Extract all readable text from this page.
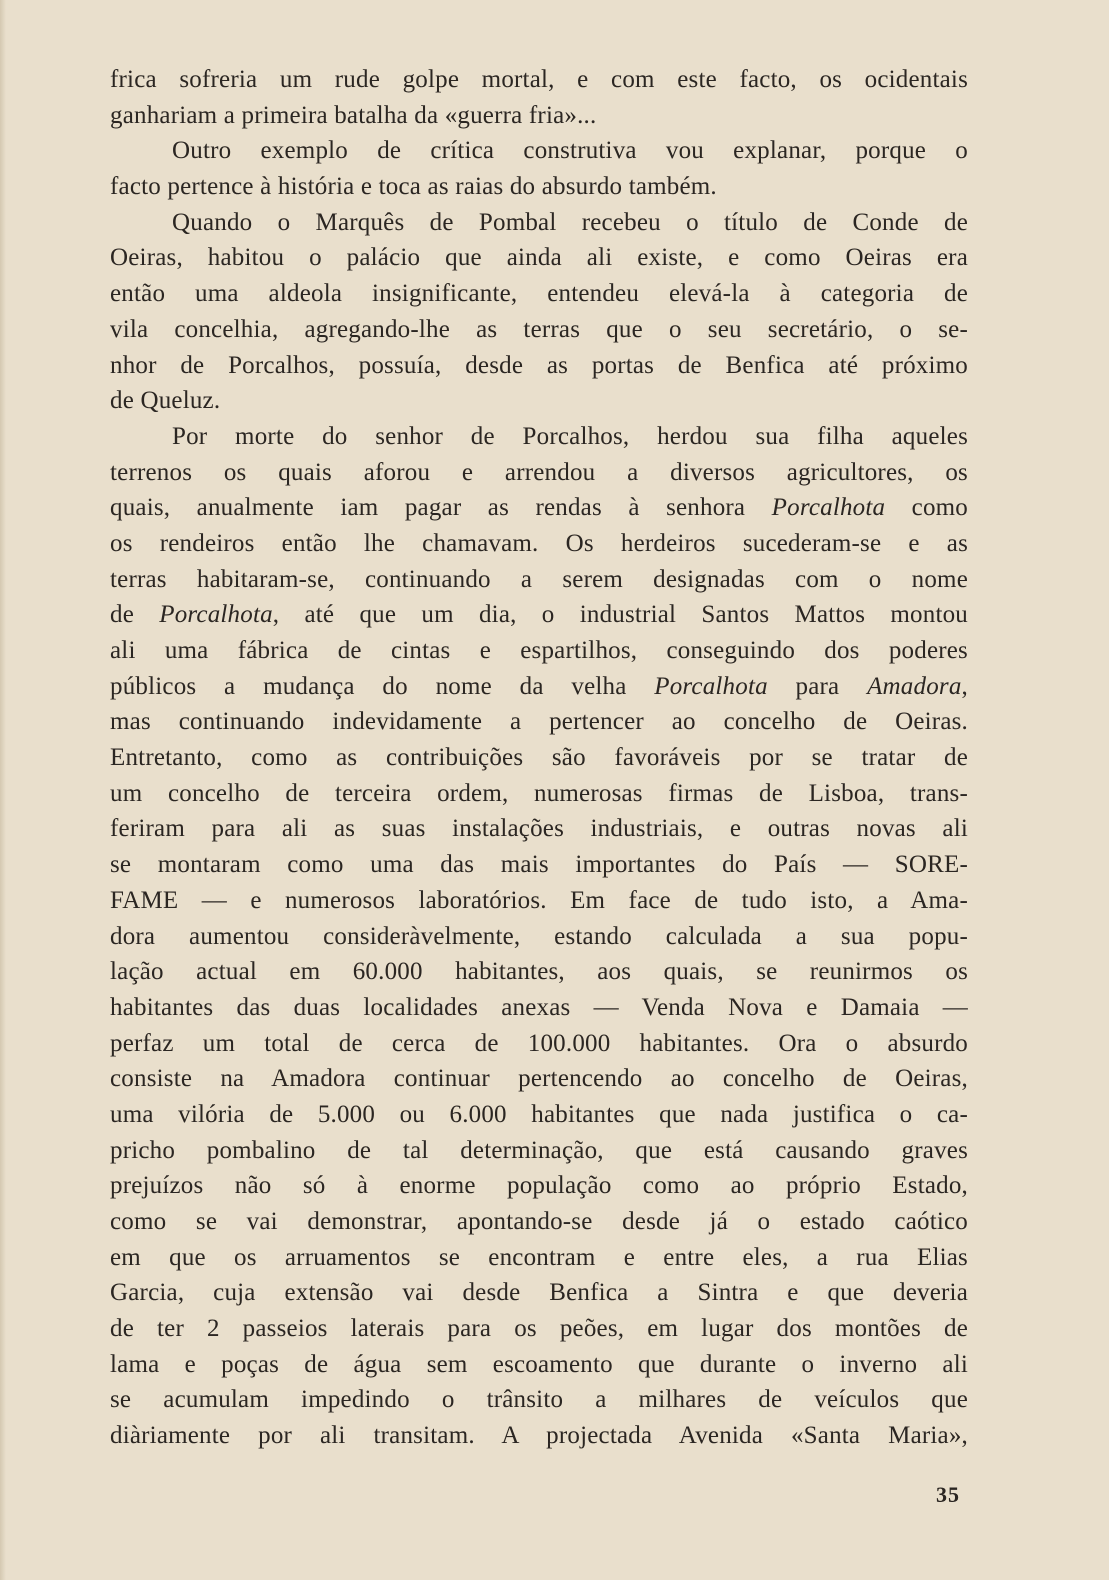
frica sofreria um rude golpe mortal, e com este facto, os ocidentais
ganhariam a primeira batalha da «guerra fria»...
Outro exemplo de crítica construtiva vou explanar, porque o
facto pertence à história e toca as raias do absurdo também.
Quando o Marquês de Pombal recebeu o título de Conde de
Oeiras, habitou o palácio que ainda ali existe, e como Oeiras era
então uma aldeola insignificante, entendeu elevá-la à categoria de
vila concelhia, agregando-lhe as terras que o seu secretário, o se-
nhor de Porcalhos, possuía, desde as portas de Benfica até próximo
de Queluz.
Por morte do senhor de Porcalhos, herdou sua filha aqueles
terrenos os quais aforou e arrendou a diversos agricultores, os
quais, anualmente iam pagar as rendas à senhora Porcalhota como
os rendeiros então lhe chamavam. Os herdeiros sucederam-se e as
terras habitaram-se, continuando a serem designadas com o nome
de Porcalhota, até que um dia, o industrial Santos Mattos montou
ali uma fábrica de cintas e espartilhos, conseguindo dos poderes
públicos a mudança do nome da velha Porcalhota para Amadora,
mas continuando indevidamente a pertencer ao concelho de Oeiras.
Entretanto, como as contribuições são favoráveis por se tratar de
um concelho de terceira ordem, numerosas firmas de Lisboa, trans-
feriram para ali as suas instalações industriais, e outras novas ali
se montaram como uma das mais importantes do País — SORE-
FAME — e numerosos laboratórios. Em face de tudo isto, a Ama-
dora aumentou consideràvelmente, estando calculada a sua popu-
lação actual em 60.000 habitantes, aos quais, se reunirmos os
habitantes das duas localidades anexas — Venda Nova e Damaia —
perfaz um total de cerca de 100.000 habitantes. Ora o absurdo
consiste na Amadora continuar pertencendo ao concelho de Oeiras,
uma vilória de 5.000 ou 6.000 habitantes que nada justifica o ca-
pricho pombalino de tal determinação, que está causando graves
prejuízos não só à enorme população como ao próprio Estado,
como se vai demonstrar, apontando-se desde já o estado caótico
em que os arruamentos se encontram e entre eles, a rua Elias
Garcia, cuja extensão vai desde Benfica a Sintra e que deveria
de ter 2 passeios laterais para os peões, em lugar dos montões de
lama e poças de água sem escoamento que durante o inverno ali
se acumulam impedindo o trânsito a milhares de veículos que
diàriamente por ali transitam. A projectada Avenida «Santa Maria»,
35
